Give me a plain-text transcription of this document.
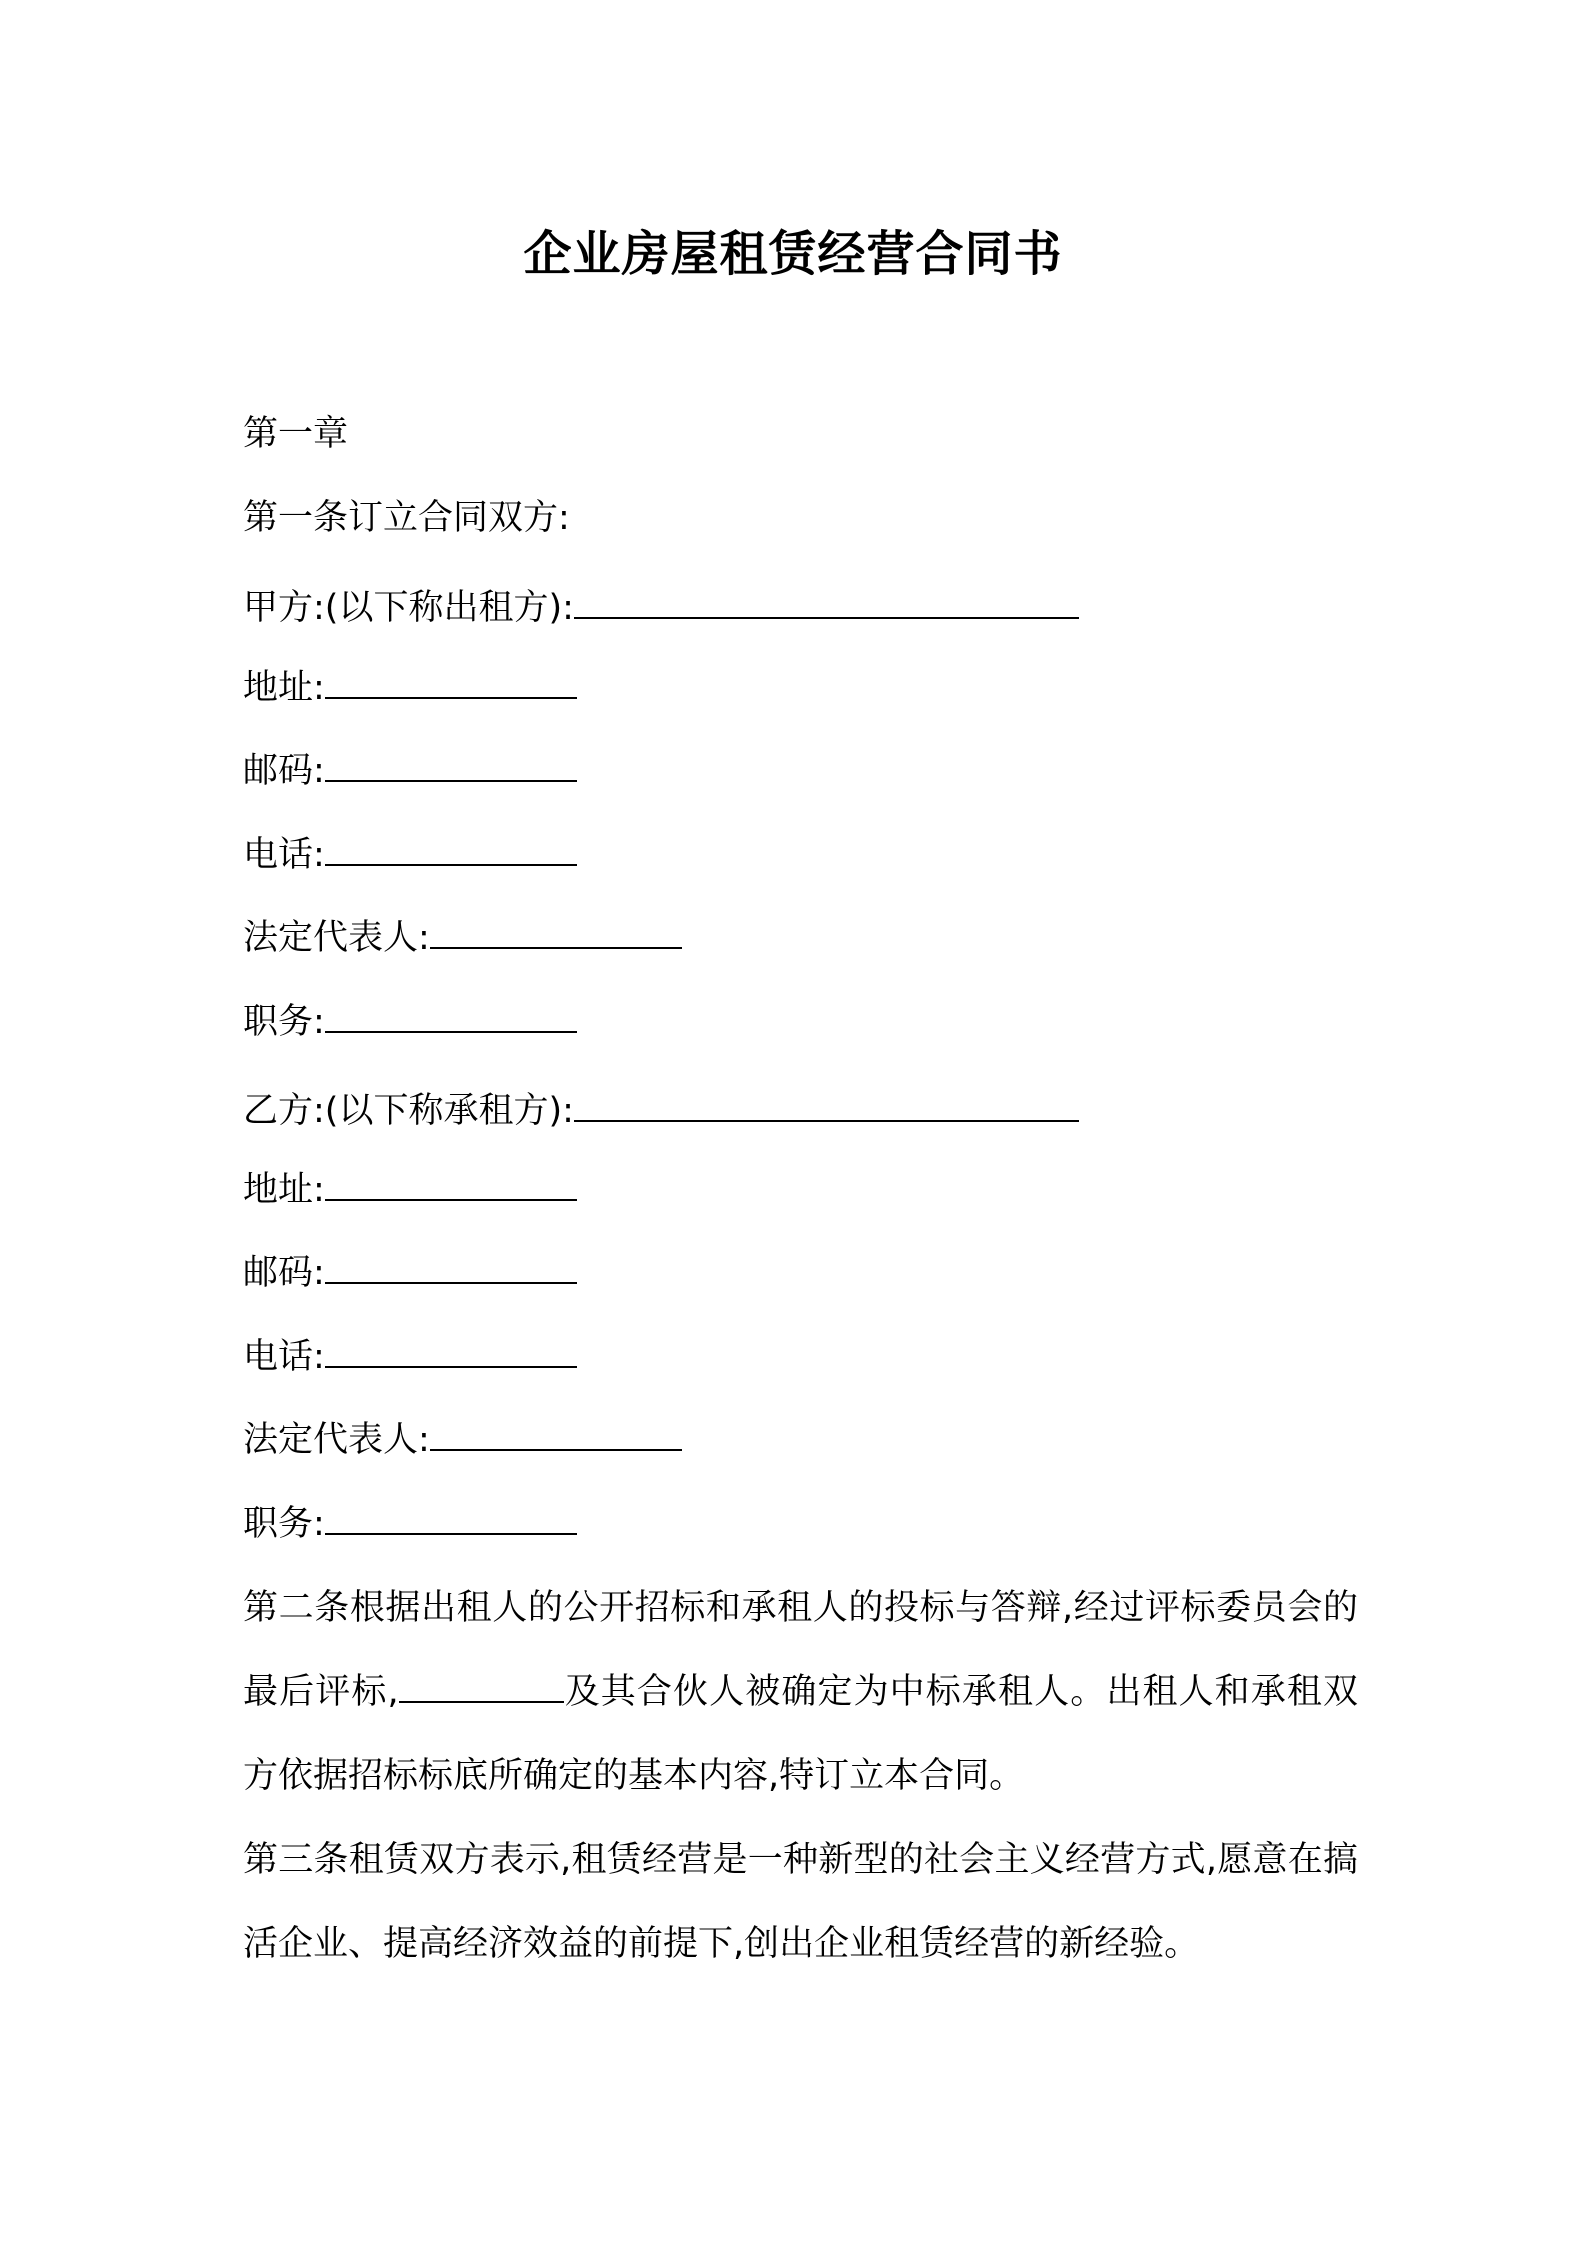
企业房屋租赁经营合同书
第一章
第一条订立合同双方:
甲方:(以下称出租方):
地址:
邮码:
电话:
法定代表人:
职务:
乙方:(以下称承租方):
地址:
邮码:
电话:
法定代表人:
职务:
第二条根据出租人的公开招标和承租人的投标与答辩,经过评标委员会的最后评标,	及其合伙人被确定为中标承租人。出租人和承租双方依据招标标底所确定的基本内容,特订立本合同。
第三条租赁双方表示,租赁经营是一种新型的社会主义经营方式,愿意在搞活企业、提高经济效益的前提下,创出企业租赁经营的新经验。
